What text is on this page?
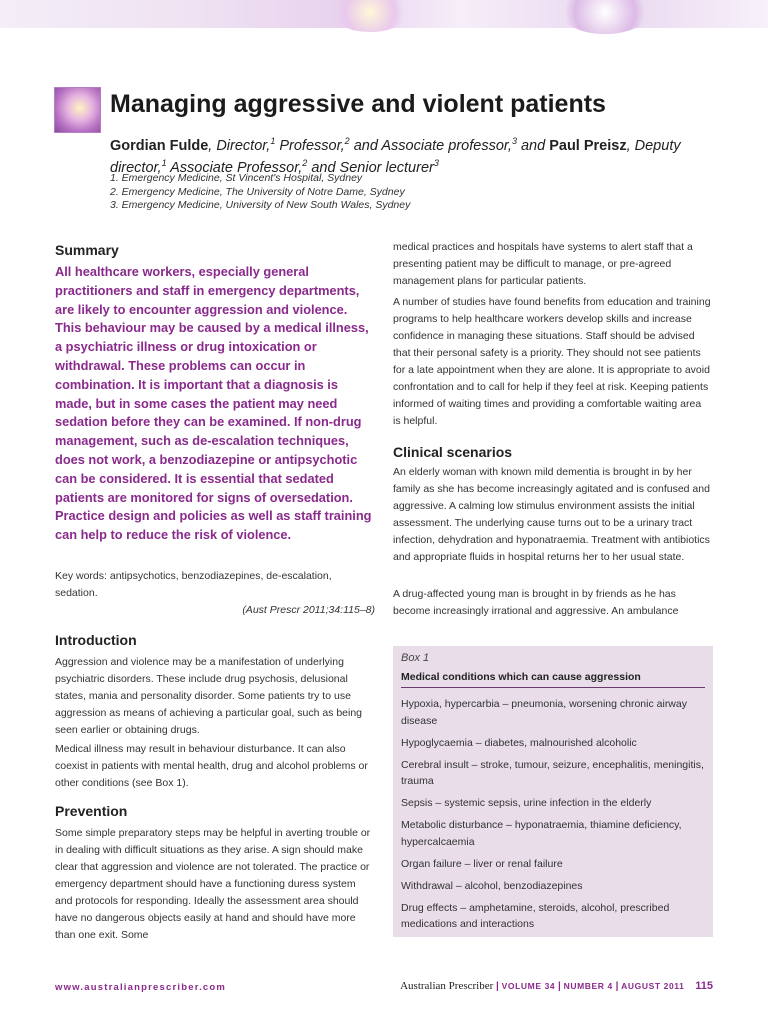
Managing aggressive and violent patients

Gordian Fulde, Director,$^1$ Professor,$^2$ and Associate professor,$^3$ and Paul Preisz, Deputy director,$^1$ Associate Professor,$^2$ and Senior lecturer$^3$

1. Emergency Medicine, St Vincent's Hospital, Sydney
2. Emergency Medicine, The University of Notre Dame, Sydney
3. Emergency Medicine, University of New South Wales, Sydney
Summary

All healthcare workers, especially general practitioners and staff in emergency departments, are likely to encounter aggression and violence. This behaviour may be caused by a medical illness, a psychiatric illness or drug intoxication or withdrawal. These problems can occur in combination. It is important that a diagnosis is made, but in some cases the patient may need sedation before they can be examined. If non-drug management, such as de-escalation techniques, does not work, a benzodiazepine or antipsychotic can be considered. It is essential that sedated patients are monitored for signs of oversedation. Practice design and policies as well as staff training can help to reduce the risk of violence.

Key words: antipsychotics, benzodiazepines, de-escalation, sedation.

(Aust Prescr 2011;34:115–8)

Introduction

Aggression and violence may be a manifestation of underlying psychiatric disorders. These include drug psychosis, delusional states, mania and personality disorder. Some patients try to use aggression as means of achieving a particular goal, such as being seen earlier or obtaining drugs.

Medical illness may result in behaviour disturbance. It can also coexist in patients with mental health, drug and alcohol problems or other conditions (see Box 1).

Prevention

Some simple preparatory steps may be helpful in averting trouble or in dealing with difficult situations as they arise. A sign should make clear that aggression and violence are not tolerated. The practice or emergency department should have a functioning duress system and protocols for responding. Ideally the assessment area should have no dangerous objects easily at hand and should have more than one exit. Some

medical practices and hospitals have systems to alert staff that a presenting patient may be difficult to manage, or pre-agreed management plans for particular patients.

A number of studies have found benefits from education and training programs to help healthcare workers develop skills and increase confidence in managing these situations. Staff should be advised that their personal safety is a priority. They should not see patients for a late appointment when they are alone. It is appropriate to avoid confrontation and to call for help if they feel at risk. Keeping patients informed of waiting times and providing a comfortable waiting area is helpful.

Clinical scenarios

An elderly woman with known mild dementia is brought in by her family as she has become increasingly agitated and is confused and aggressive. A calming low stimulus environment assists the initial assessment. The underlying cause turns out to be a urinary tract infection, dehydration and hyponatraemia. Treatment with antibiotics and appropriate fluids in hospital returns her to her usual state.

A drug-affected young man is brought in by friends as he has become increasingly irrational and aggressive. An ambulance

Box 1
Medical conditions which can cause aggression
Hypoxia, hypercarbia – pneumonia, worsening chronic airway disease
Hypoglycaemia – diabetes, malnourished alcoholic
Cerebral insult – stroke, tumour, seizure, encephalitis, meningitis, trauma
Sepsis – systemic sepsis, urine infection in the elderly
Metabolic disturbance – hyponatraemia, thiamine deficiency, hypercalcaemia
Organ failure – liver or renal failure
Withdrawal – alcohol, benzodiazepines
Drug effects – amphetamine, steroids, alcohol, prescribed medications and interactions
www.australianprescriber.com	Australian Prescriber | VOLUME 34 | NUMBER 4 | AUGUST 2011 115
